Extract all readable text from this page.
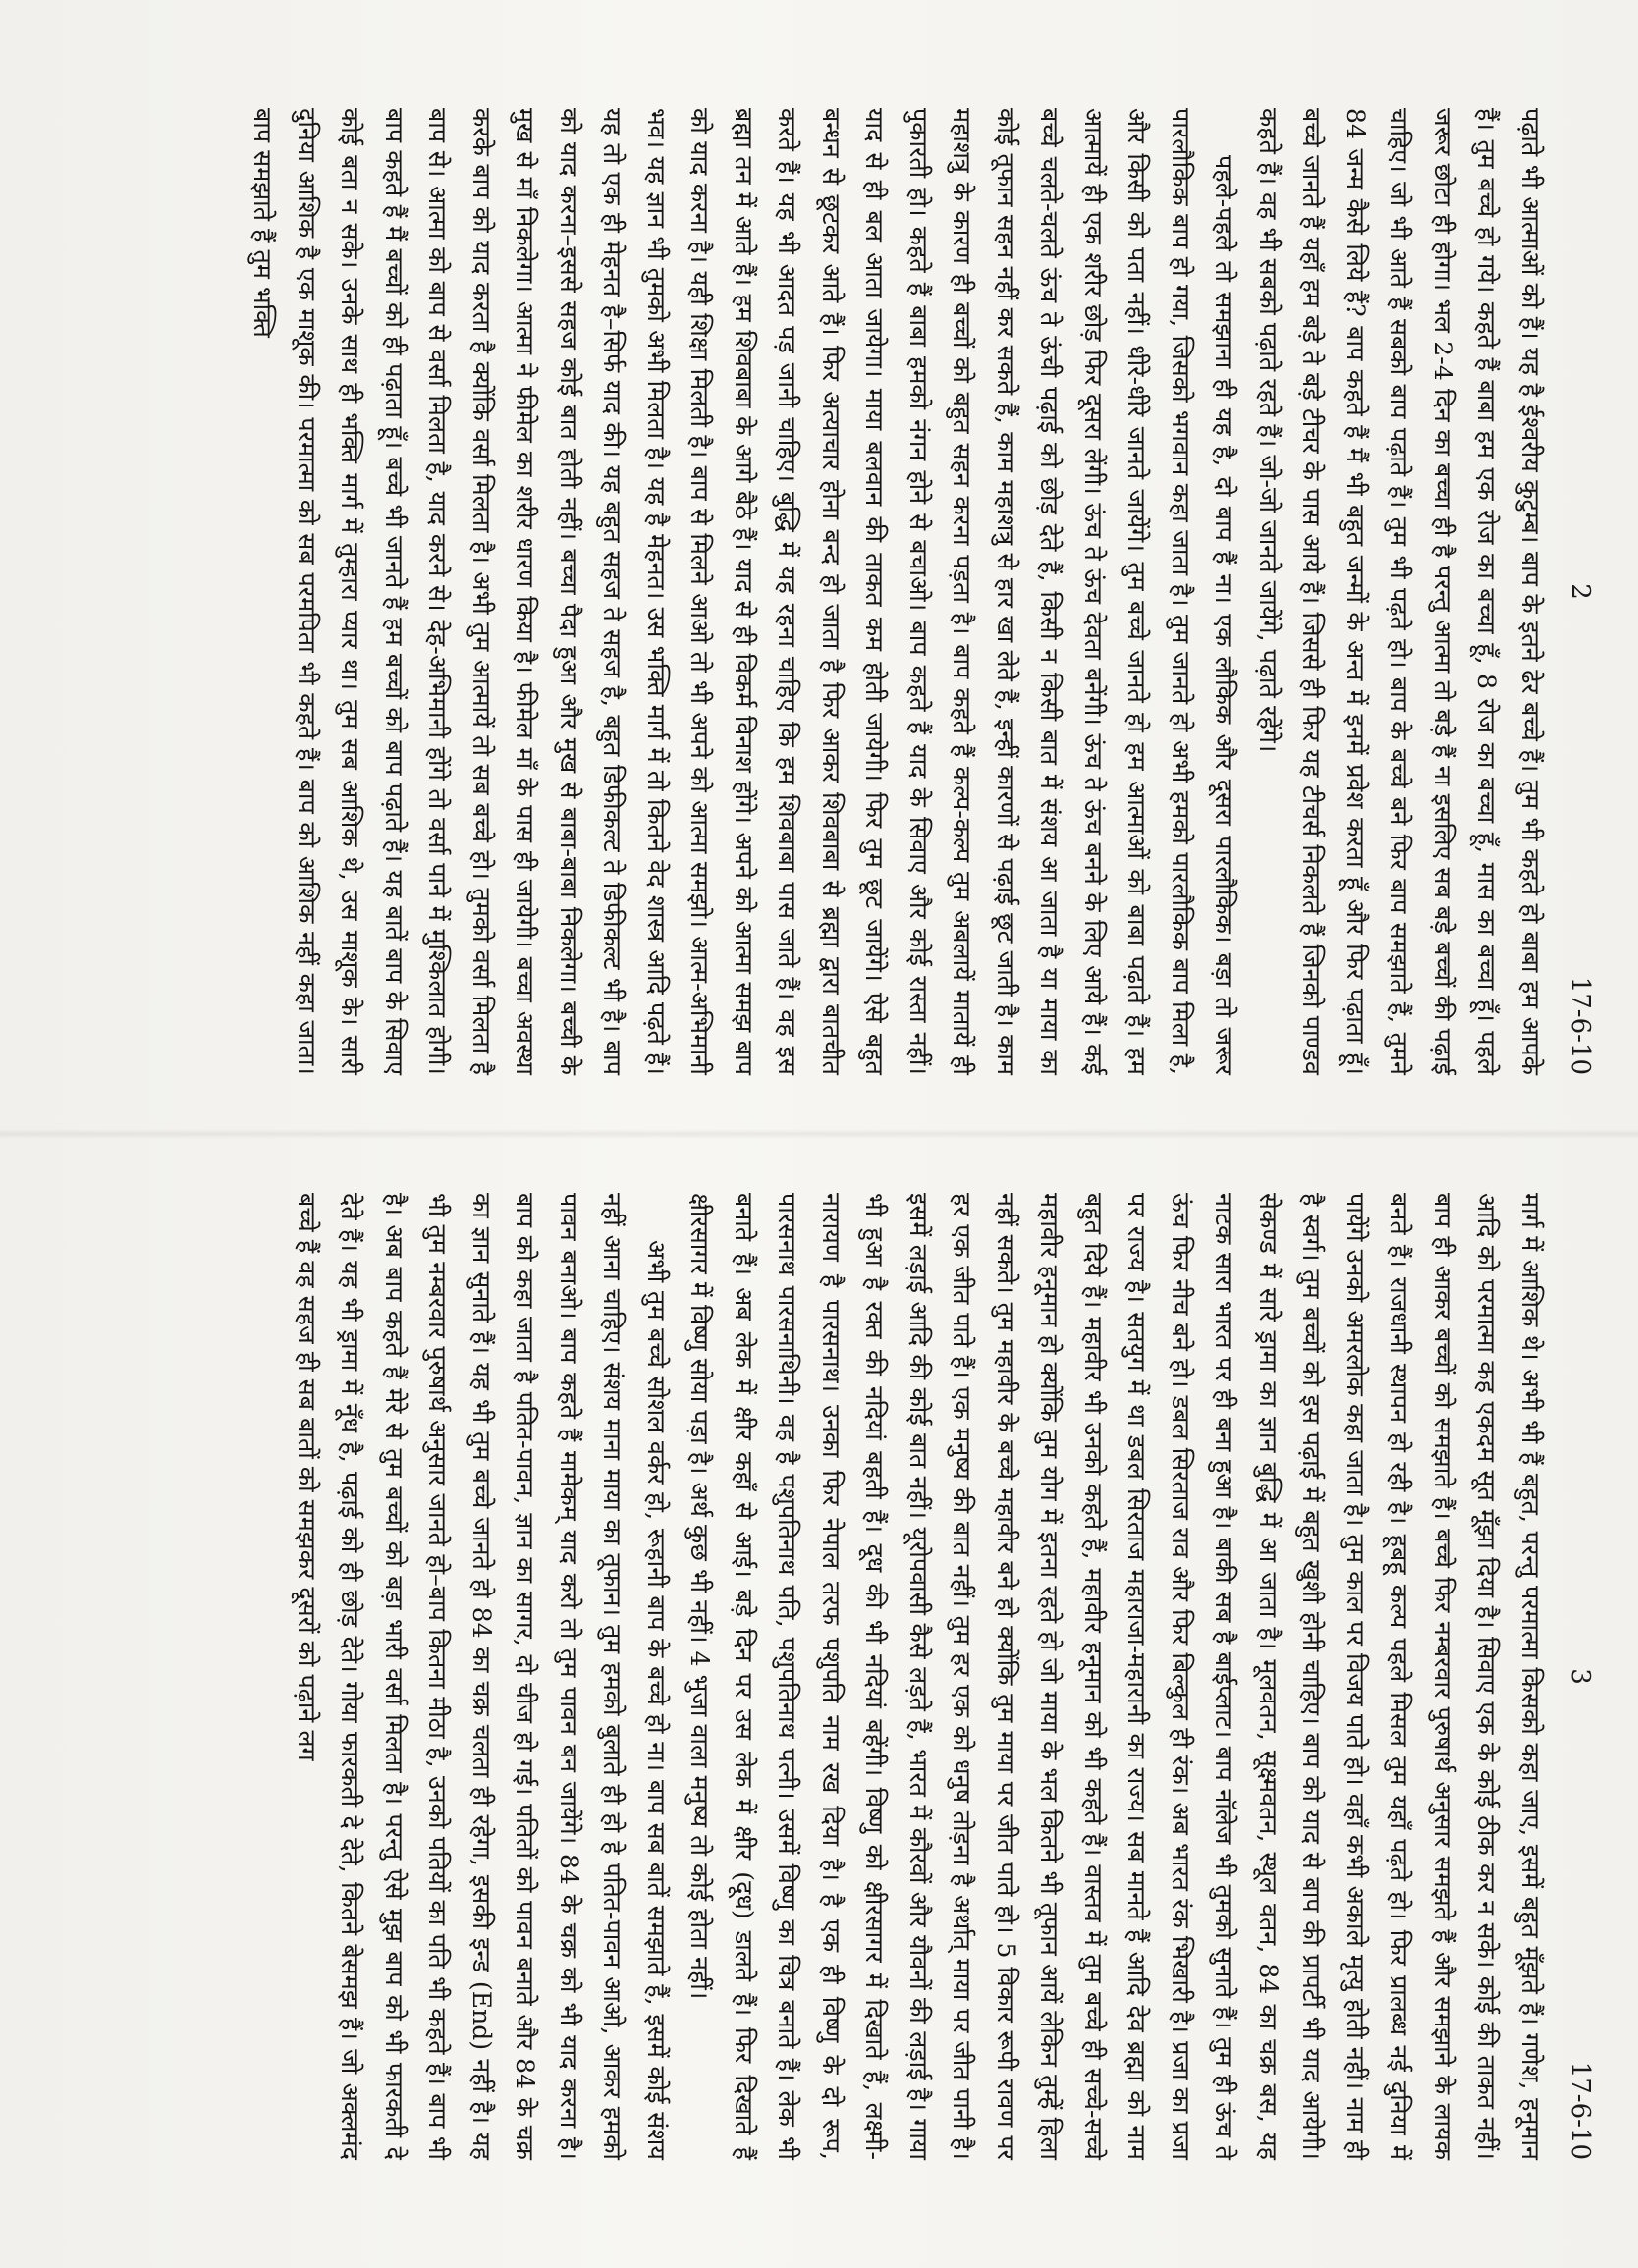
2
17-6-10

पढ़ाते भी आत्माओं को हैं। यह है ईश्वरीय कुटुम्ब। बाप के इतने ढेर बच्चे हैं। तुम भी कहते हो बाबा हम आपके हैं। तुम बच्चे हो गये। कहते हैं बाबा हम एक रोज का बच्चा हूँ, 8 रोज का बच्चा हूँ, मास का बच्चा हूँ। पहले जरूर छोटा ही होगा। भल 2-4 दिन का बच्चा ही है परन्तु आत्मा तो बड़े हैं ना इसलिए सब बड़े बच्चों की पढ़ाई चाहिए। जो भी आते हैं सबको बाप पढ़ाते हैं। तुम भी पढ़ते हो। बाप के बच्चे बने फिर बाप समझाते हैं, तुमने 84 जन्म कैसे लिये हैं? बाप कहते हैं मैं भी बहुत जन्मों के अन्त में इनमें प्रवेश करता हूँ और फिर पढ़ाता हूँ। बच्चे जानते हैं यहाँ हम बड़े ते बड़े टीचर के पास आये हैं। जिससे ही फिर यह टीचर्स निकलते हैं जिनको पाण्डव कहते हैं। वह भी सबको पढ़ाते रहते हैं। जो-जो जानते जायेंगे, पढ़ाते रहेंगे।

पहले-पहले तो समझाना ही यह है, दो बाप हैं ना। एक लौकिक और दूसरा पारलौकिक। बड़ा तो जरूर पारलौकिक बाप हो गया, जिसको भगवान कहा जाता है। तुम जानते हो अभी हमको पारलौकिक बाप मिला है, और किसी को पता नहीं। धीरे-धीरे जानते जायेंगे। तुम बच्चे जानते हो हम आत्माओं को बाबा पढ़ाते हैं। हम आत्मायें ही एक शरीर छोड़ फिर दूसरा लेंगी। ऊंच ते ऊंच देवता बनेंगी। ऊंच ते ऊंच बनने के लिए आये हैं। कई बच्चे चलते-चलते ऊंच ते ऊंची पढ़ाई को छोड़ देते हैं, किसी न किसी बात में संशय आ जाता है या माया का कोई तूफान सहन नहीं कर सकते हैं, काम महाशत्रु से हार खा लेते हैं, इन्हीं कारणों से पढ़ाई छूट जाती है। काम महाशत्रु के कारण ही बच्चों को बहुत सहन करना पड़ता है। बाप कहते हैं कल्प-कल्प तुम अबलायें मातायें ही पुकारती हो। कहते हैं बाबा हमको नंगन होने से बचाओ। बाप कहते हैं याद के सिवाए और कोई रास्ता नहीं। याद से ही बल आता जायेगा। माया बलवान की ताकत कम होती जायेगी। फिर तुम छूट जायेंगे। ऐसे बहुत बन्धन से छूटकर आते हैं। फिर अत्याचार होना बन्द हो जाता है फिर आकर शिवबाबा से ब्रह्मा द्वारा बातचीत करते हैं। यह भी आदत पड़ जानी चाहिए। बुद्धि में यह रहना चाहिए कि हम शिवबाबा पास जाते हैं। वह इस ब्रह्मा तन में आते हैं। हम शिवबाबा के आगे बैठे हैं। याद से ही विकर्म विनाश होंगे। अपने को आत्मा समझ बाप को याद करना है। यही शिक्षा मिलती है। बाप से मिलने आओ तो भी अपने को आत्मा समझो। आत्म-अभिमानी भव। यह ज्ञान भी तुमको अभी मिलता है। यह है मेहनत। उस भक्ति मार्ग में तो कितने वेद शास्त्र आदि पढ़ते हैं। यह तो एक ही मेहनत है–सिर्फ याद की। यह बहुत सहज ते सहज है, बहुत डिफीकल्ट ते डिफीकल्ट भी है। बाप को याद करना–इससे सहज कोई बात होती नहीं। बच्चा पैदा हुआ और मुख से बाबा-बाबा निकलेगा। बच्ची के मुख से माँ निकलेगा। आत्मा ने फीमेल का शरीर धारण किया है। फीमेल माँ के पास ही जायेगी। बच्चा अवस्था करके बाप को याद करता है क्योंकि वर्सा मिलता है। अभी तुम आत्मायें तो सब बच्चे हो। तुमको वर्सा मिलता है बाप से। आत्मा को बाप से वर्सा मिलता है, याद करने से। देह-अभिमानी होंगे तो वर्सा पाने में मुश्किलात होगी। बाप कहते हैं मैं बच्चों को ही पढ़ाता हूँ। बच्चे भी जानते हैं हम बच्चों को बाप पढ़ाते हैं। यह बातें बाप के सिवाए कोई बता न सके। उनके साथ ही भक्ति मार्ग में तुम्हारा प्यार था। तुम सब आशिक थे, उस माशूक के। सारी दुनिया आशिक है एक माशूक की। परमात्मा को सब परमपिता भी कहते हैं। बाप को आशिक नहीं कहा जाता। बाप समझाते हैं तुम भक्ति

3
17-6-10

मार्ग में आशिक थे। अभी भी हैं बहुत, परन्तु परमात्मा किसको कहा जाए, इसमें बहुत मूँझते हैं। गणेश, हनूमान आदि को परमात्मा कह एकदम सूत मूँझा दिया है। सिवाए एक के कोई ठीक कर न सके। कोई की ताकत नहीं। बाप ही आकर बच्चों को समझाते हैं। बच्चे फिर नम्बरवार पुरुषार्थ अनुसार समझते हैं और समझाने के लायक बनते हैं। राजधानी स्थापन हो रही है। हूबहू कल्प पहले मिसल तुम यहाँ पढ़ते हो। फिर प्रालब्ध नई दुनिया में पायेंगे उनको अमरलोक कहा जाता है। तुम काल पर विजय पाते हो। वहाँ कभी अकाले मृत्यु होती नहीं। नाम ही है स्वर्ग। तुम बच्चों को इस पढ़ाई में बहुत खुशी होनी चाहिए। बाप को याद से बाप की प्रापर्टी भी याद आयेगी। सेकण्ड में सारे ड्रामा का ज्ञान बुद्धि में आ जाता है। मूलवतन, सूक्ष्मवतन, स्थूल वतन, 84 का चक्र बस, यह नाटक सारा भारत पर ही बना हुआ है। बाकी सब है बाईप्लाट। बाप नॉलेज भी तुमको सुनाते हैं। तुम ही ऊंच ते ऊंच फिर नीच बने हो। डबल सिरताज राव और फिर बिल्कुल ही रंक। अब भारत रंक भिखारी है। प्रजा का प्रजा पर राज्य है। सतयुग में था डबल सिरताज महाराजा-महारानी का राज्य। सब मानते हैं आदि देव ब्रह्मा को नाम बहुत दिये हैं। महावीर भी उनको कहते हैं, महावीर हनूमान को भी कहते हैं। वास्तव में तुम बच्चे ही सच्चे-सच्चे महावीर हनूमान हो क्योंकि तुम योग में इतना रहते हो जो माया के भल कितने भी तूफान आयें लेकिन तुम्हें हिला नहीं सकते। तुम महावीर के बच्चे महावीर बने हो क्योंकि तुम माया पर जीत पाते हो। 5 विकार रूपी रावण पर हर एक जीत पाते हैं। एक मनुष्य की बात नहीं। तुम हर एक को धनुष तोड़ना है अर्थात् माया पर जीत पानी है। इसमें लड़ाई आदि की कोई बात नहीं। यूरोपवासी कैसे लड़ते हैं, भारत में कौरवों और यौवनों की लड़ाई है। गाया भी हुआ है रक्त की नदियां बहती हैं। दूध की भी नदियां बहेंगी। विष्णु को क्षीरसागर में दिखाते हैं, लक्ष्मी-नारायण है पारसनाथ। उनका फिर नेपाल तरफ पशुपति नाम रख दिया है। है एक ही विष्णु के दो रूप, पारसनाथ पारसनाथिनी। वह है पशुपतिनाथ पति, पशुपतिनाथ पत्नी। उसमें विष्णु का चित्र बनाते हैं। लेक भी बनाते हैं। अब लेक में क्षीर कहाँ से आई। बड़े दिन पर उस लेक में क्षीर (दूध) डालते हैं। फिर दिखाते हैं क्षीरसागर में विष्णु सोया पड़ा है। अर्थ कुछ भी नहीं। 4 भुजा वाला मनुष्य तो कोई होता नहीं।

अभी तुम बच्चे सोशल वर्कर हो, रूहानी बाप के बच्चे हो ना। बाप सब बातें समझाते हैं, इसमें कोई संशय नहीं आना चाहिए। संशय माना माया का तूफान। तुम हमको बुलाते ही हो हे पतित-पावन आओ, आकर हमको पावन बनाओ। बाप कहते हैं मामेकम् याद करो तो तुम पावन बन जायेंगे। 84 के चक्र को भी याद करना है। बाप को कहा जाता है पतित-पावन, ज्ञान का सागर, दो चीज हो गई। पतितों को पावन बनाते और 84 के चक्र का ज्ञान सुनाते हैं। यह भी तुम बच्चे जानते हो 84 का चक्र चलता ही रहेगा, इसकी इन्ड (End) नहीं है। यह भी तुम नम्बरवार पुरुषार्थ अनुसार जानते हो–बाप कितना मीठा है, उनको पतियों का पति भी कहते हैं। बाप भी है। अब बाप कहते हैं मेरे से तुम बच्चों को बड़ा भारी वर्सा मिलता है। परन्तु ऐसे मुझ बाप को भी फारकती दे देते हैं। यह भी ड्रामा में नूँध है, पढ़ाई को ही छोड़ देते। गोया फारकती दे देते, कितने बेसमझ हैं। जो अक्लमंद बच्चे हैं वह सहज ही सब बातों को समझकर दूसरों को पढ़ाने लग
